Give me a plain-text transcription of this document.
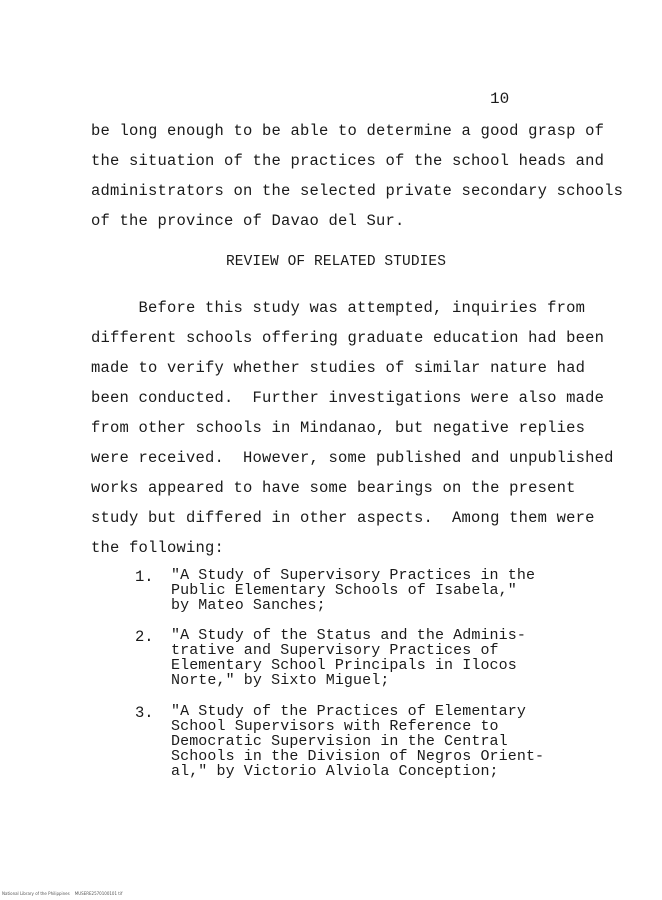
10
be long enough to be able to determine a good grasp of
the situation of the practices of the school heads and
administrators on the selected private secondary schools
of the province of Davao del Sur.
REVIEW OF RELATED STUDIES
Before this study was attempted, inquiries from
different schools offering graduate education had been
made to verify whether studies of similar nature had
been conducted.  Further investigations were also made
from other schools in Mindanao, but negative replies
were received.  However, some published and unpublished
works appeared to have some bearings on the present
study but differed in other aspects.  Among them were
the following:
1. "A Study of Supervisory Practices in the
Public Elementary Schools of Isabela,"
by Mateo Sanches;
2. "A Study of the Status and the Adminis-
trative and Supervisory Practices of
Elementary School Principals in Ilocos
Norte," by Sixto Miguel;
3. "A Study of the Practices of Elementary
School Supervisors with Reference to
Democratic Supervision in the Central
Schools in the Division of Negros Orient-
al," by Victorio Alviola Conception;
National Library of the Philippines    MUSERE2570100101 tif
